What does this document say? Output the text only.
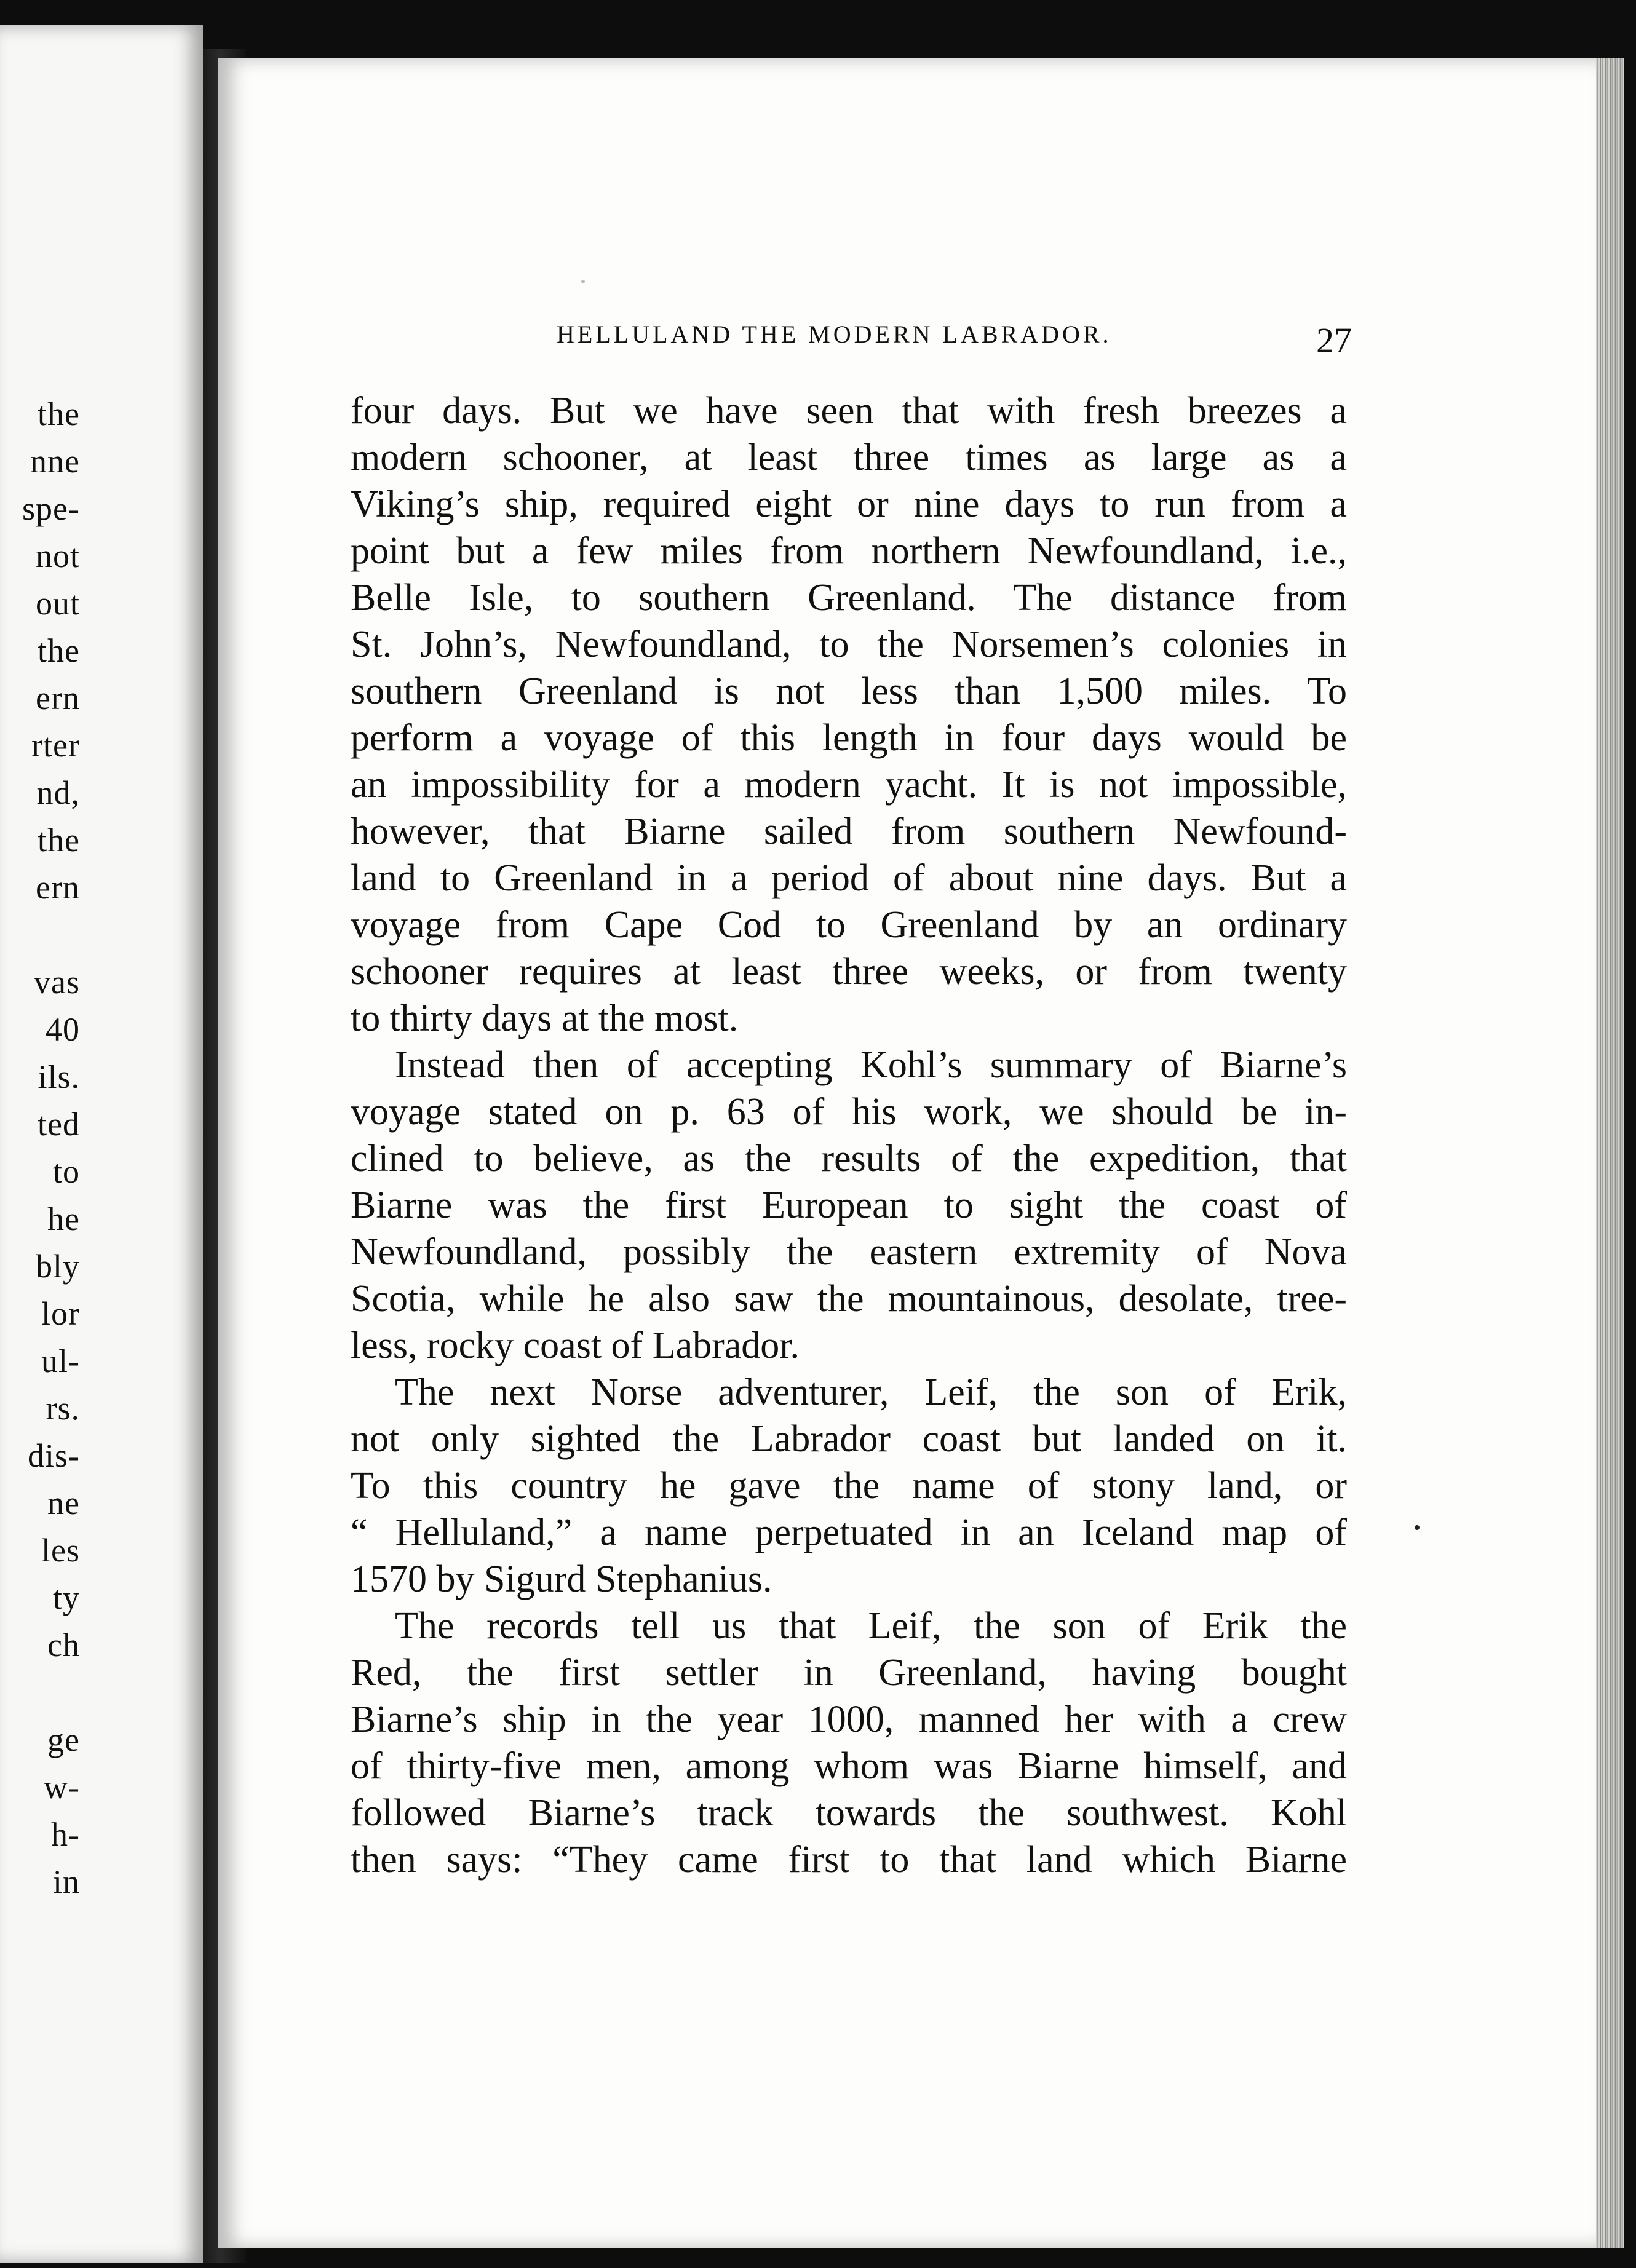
the
nne
spe-
not
out
the
ern
rter
nd,
the
ern
vas
40
ils.
ted
to
he
bly
lor
ul-
rs.
dis-
ne
les
ty
ch
ge
w-
h-
in
HELLULAND THE MODERN LABRADOR.	27
four days. But we have seen that with fresh breezes a
modern schooner, at least three times as large as a
Viking’s ship, required eight or nine days to run from a
point but a few miles from northern Newfoundland, i.e.,
Belle Isle, to southern Greenland. The distance from
St. John’s, Newfoundland, to the Norsemen’s colonies in
southern Greenland is not less than 1,500 miles. To
perform a voyage of this length in four days would be
an impossibility for a modern yacht. It is not impossible,
however, that Biarne sailed from southern Newfound-
land to Greenland in a period of about nine days. But a
voyage from Cape Cod to Greenland by an ordinary
schooner requires at least three weeks, or from twenty
to thirty days at the most.
Instead then of accepting Kohl’s summary of Biarne’s
voyage stated on p. 63 of his work, we should be in-
clined to believe, as the results of the expedition, that
Biarne was the first European to sight the coast of
Newfoundland, possibly the eastern extremity of Nova
Scotia, while he also saw the mountainous, desolate, tree-
less, rocky coast of Labrador.
The next Norse adventurer, Leif, the son of Erik,
not only sighted the Labrador coast but landed on it.
To this country he gave the name of stony land, or
“ Helluland,” a name perpetuated in an Iceland map of
1570 by Sigurd Stephanius.
The records tell us that Leif, the son of Erik the
Red, the first settler in Greenland, having bought
Biarne’s ship in the year 1000, manned her with a crew
of thirty-five men, among whom was Biarne himself, and
followed Biarne’s track towards the southwest. Kohl
then says: “They came first to that land which Biarne
